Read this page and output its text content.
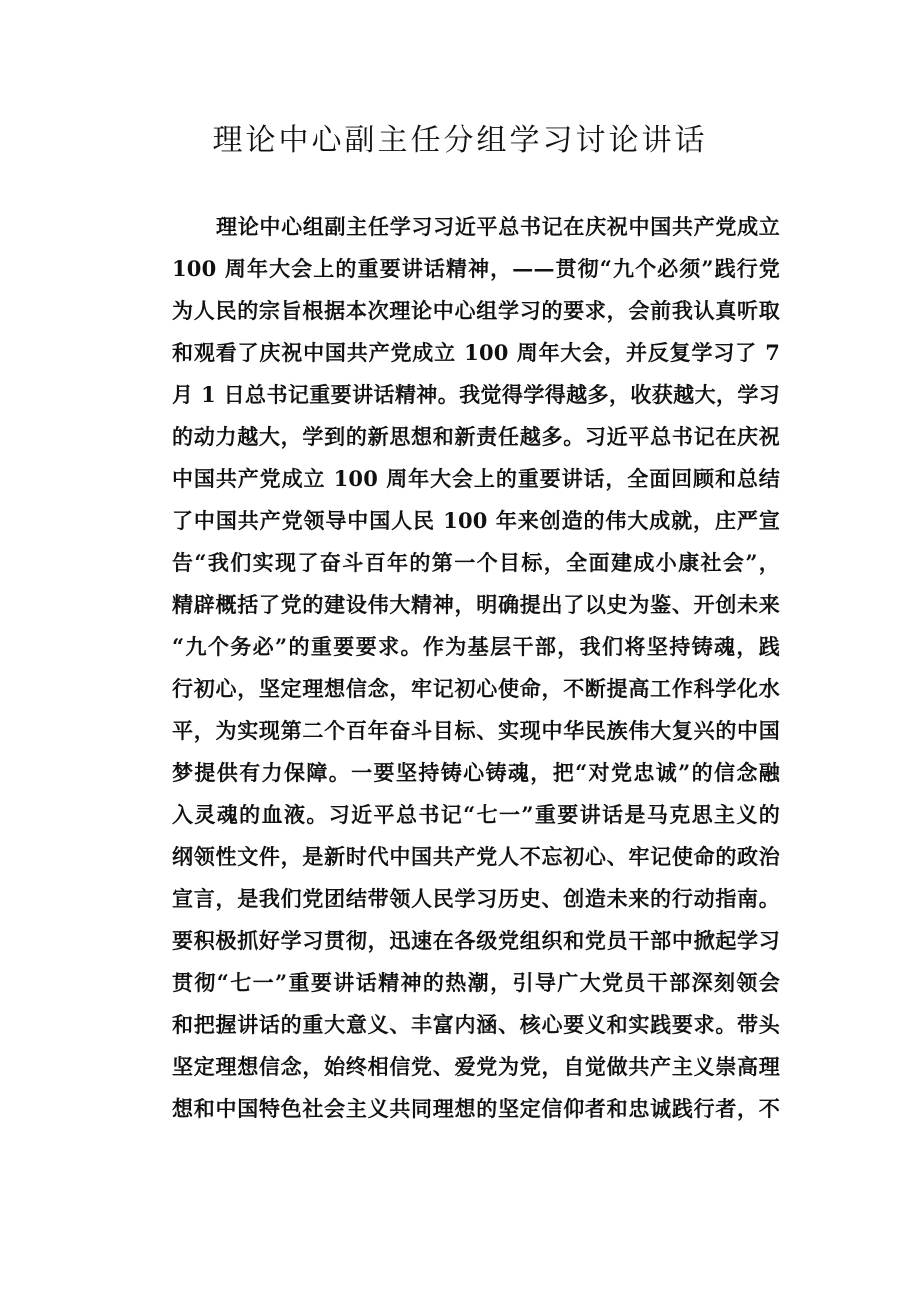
理论中心副主任分组学习讨论讲话
理论中心组副主任学习习近平总书记在庆祝中国共产党成立
100 周年大会上的重要讲话精神，——贯彻“九个必须”践行党
为人民的宗旨根据本次理论中心组学习的要求，会前我认真听取
和观看了庆祝中国共产党成立 100 周年大会，并反复学习了 7
月 1 日总书记重要讲话精神。我觉得学得越多，收获越大，学习
的动力越大，学到的新思想和新责任越多。习近平总书记在庆祝
中国共产党成立 100 周年大会上的重要讲话，全面回顾和总结
了中国共产党领导中国人民 100 年来创造的伟大成就，庄严宣
告“我们实现了奋斗百年的第一个目标，全面建成小康社会”，
精辟概括了党的建设伟大精神，明确提出了以史为鉴、开创未来
“九个务必”的重要要求。作为基层干部，我们将坚持铸魂，践
行初心，坚定理想信念，牢记初心使命，不断提高工作科学化水
平，为实现第二个百年奋斗目标、实现中华民族伟大复兴的中国
梦提供有力保障。一要坚持铸心铸魂，把“对党忠诚”的信念融
入灵魂的血液。习近平总书记“七一”重要讲话是马克思主义的
纲领性文件，是新时代中国共产党人不忘初心、牢记使命的政治
宣言，是我们党团结带领人民学习历史、创造未来的行动指南。
要积极抓好学习贯彻，迅速在各级党组织和党员干部中掀起学习
贯彻“七一”重要讲话精神的热潮，引导广大党员干部深刻领会
和把握讲话的重大意义、丰富内涵、核心要义和实践要求。带头
坚定理想信念，始终相信党、爱党为党，自觉做共产主义崇高理
想和中国特色社会主义共同理想的坚定信仰者和忠诚践行者，不
